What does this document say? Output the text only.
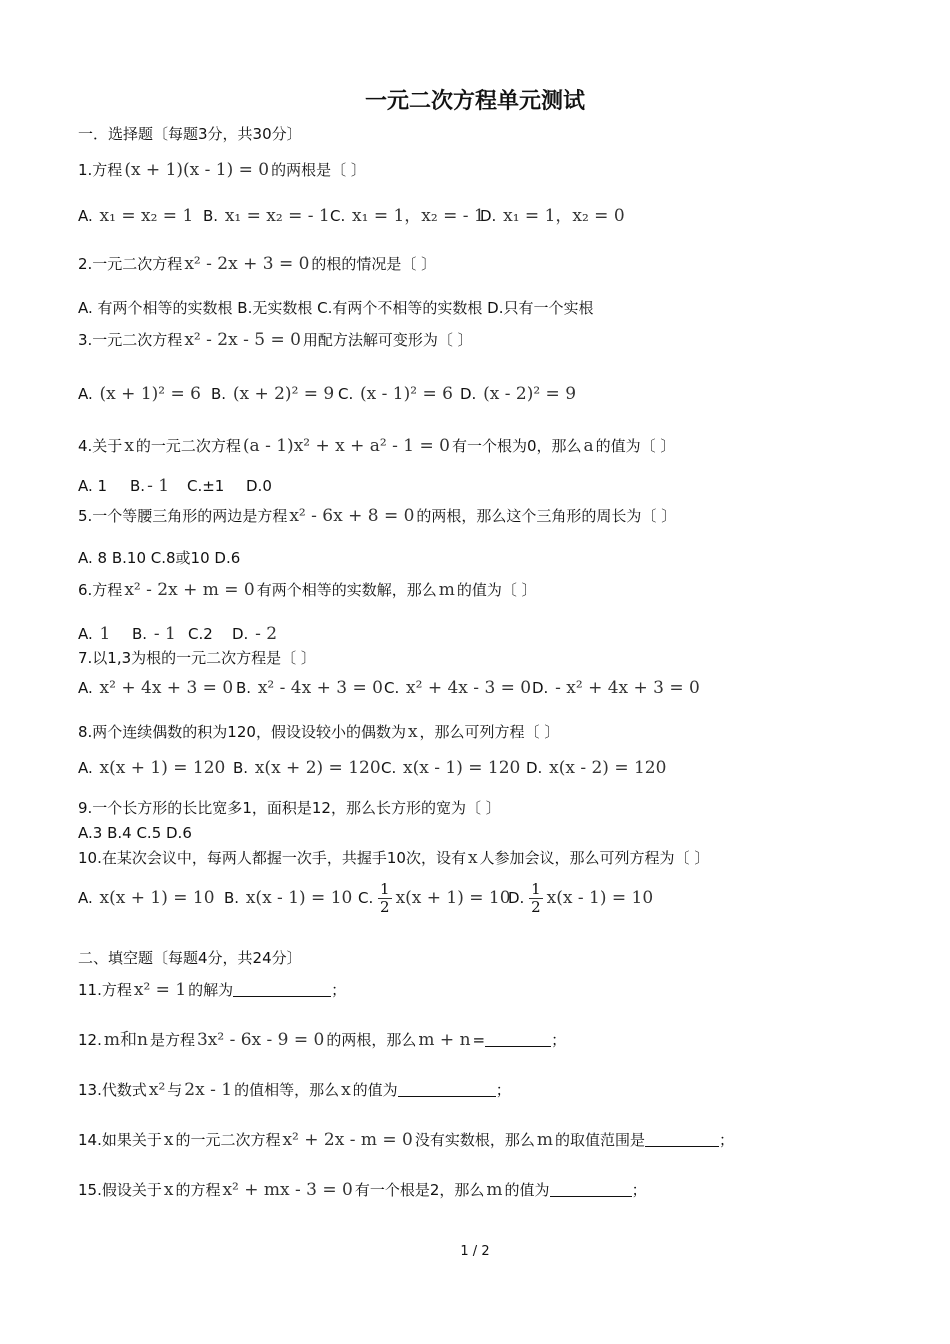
一元二次方程单元测试
一．选择题〔每题3分，共30分〕
1.方程 (x + 1)(x - 1) = 0 的两根是〔 〕
A. x₁ = x₂ = 1 B. x₁ = x₂ = - 1C. x₁ = 1，x₂ = - 1D. x₁ = 1，x₂ = 0
2.一元二次方程 x² - 2x + 3 = 0 的根的情况是〔 〕
A. 有两个相等的实数根 B.无实数根 C.有两个不相等的实数根 D.只有一个实根
3.一元二次方程 x² - 2x - 5 = 0 用配方法解可变形为〔 〕
A. (x + 1)² = 6 B. (x + 2)² = 9 C. (x - 1)² = 6 D. (x - 2)² = 9
4.关于 x 的一元二次方程 (a - 1)x² + x + a² - 1 = 0 有一个根为0，那么 a 的值为〔 〕
A. 1 B. - 1 C.±1 D.0
5.一个等腰三角形的两边是方程 x² - 6x + 8 = 0 的两根，那么这个三角形的周长为〔 〕
A. 8 B.10 C.8或10 D.6
6.方程 x² - 2x + m = 0 有两个相等的实数解，那么 m 的值为〔 〕
A. 1 B. - 1 C.2 D. - 2
7.以1,3为根的一元二次方程是〔 〕
A. x² + 4x + 3 = 0 B. x² - 4x + 3 = 0C. x² + 4x - 3 = 0D. - x² + 4x + 3 = 0
8.两个连续偶数的积为120，假设设较小的偶数为 x ，那么可列方程〔 〕
A. x(x + 1) = 120 B. x(x + 2) = 120C. x(x - 1) = 120 D. x(x - 2) = 120
9.一个长方形的长比宽多1，面积是12，那么长方形的宽为〔 〕
A.3 B.4 C.5 D.6
10.在某次会议中，每两人都握一次手，共握手10次，设有 x 人参加会议，那么可列方程为〔 〕
A. x(x + 1) = 10 B. x(x - 1) = 10 C. $\frac{1}{2} x(x + 1) = 10D$. $\frac{1}{2} x(x - 1) = 10$
二、填空题〔每题4分，共24分〕
11.方程 x² = 1 的解为	；
12. m和n 是方程 3x² - 6x - 9 = 0 的两根，那么 m + n =	；
13.代数式 x² 与 2x - 1 的值相等，那么 x 的值为	；
14.如果关于 x 的一元二次方程 x² + 2x - m = 0 没有实数根，那么 m 的取值范围是	；
15.假设关于 x 的方程 x² + mx - 3 = 0 有一个根是2，那么 m 的值为	；
1 / 2
